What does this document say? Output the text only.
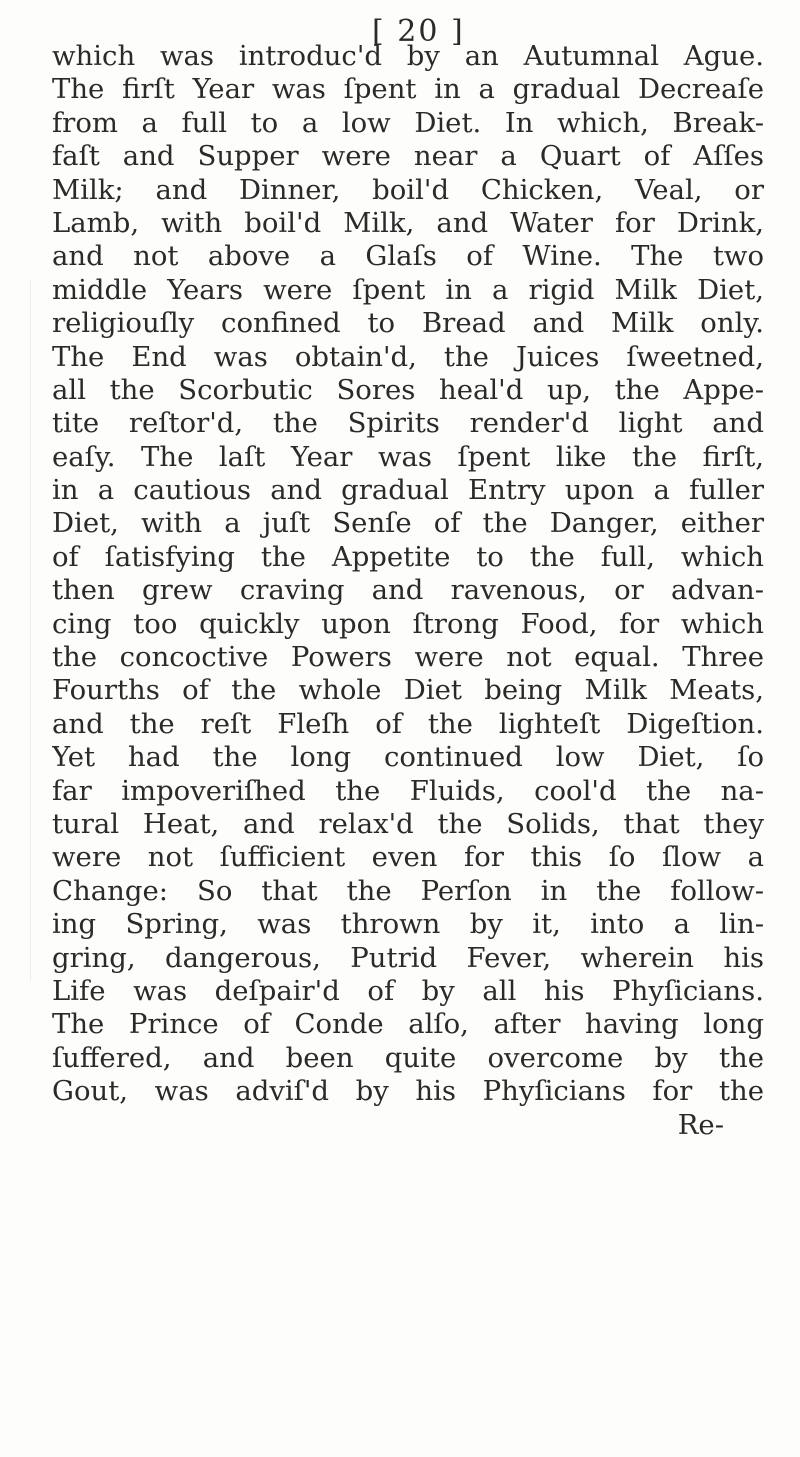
[ 20 ]
which was introduc'd by an Autumnal Ague.
The firſt Year was ſpent in a gradual Decreaſe
from a full to a low Diet. In which, Break-
faſt and Supper were near a Quart of Aſſes
Milk; and Dinner, boil'd Chicken, Veal, or
Lamb, with boil'd Milk, and Water for Drink,
and not above a Glaſs of Wine. The two
middle Years were ſpent in a rigid Milk Diet,
religiouſly confined to Bread and Milk only.
The End was obtain'd, the Juices ſweetned,
all the Scorbutic Sores heal'd up, the Appe-
tite reſtor'd, the Spirits render'd light and
eaſy. The laſt Year was ſpent like the firſt,
in a cautious and gradual Entry upon a fuller
Diet, with a juſt Senſe of the Danger, either
of ſatisfying the Appetite to the full, which
then grew craving and ravenous, or advan-
cing too quickly upon ſtrong Food, for which
the concoctive Powers were not equal. Three
Fourths of the whole Diet being Milk Meats,
and the reſt Fleſh of the lighteſt Digeſtion.
Yet had the long continued low Diet, ſo
far impoveriſhed the Fluids, cool'd the na-
tural Heat, and relax'd the Solids, that they
were not ſufficient even for this ſo ſlow a
Change: So that the Perſon in the follow-
ing Spring, was thrown by it, into a lin-
gring, dangerous, Putrid Fever, wherein his
Life was deſpair'd of by all his Phyſicians.
The Prince of Conde alſo, after having long
ſuffered, and been quite overcome by the
Gout, was adviſ'd by his Phyſicians for the
Re-
